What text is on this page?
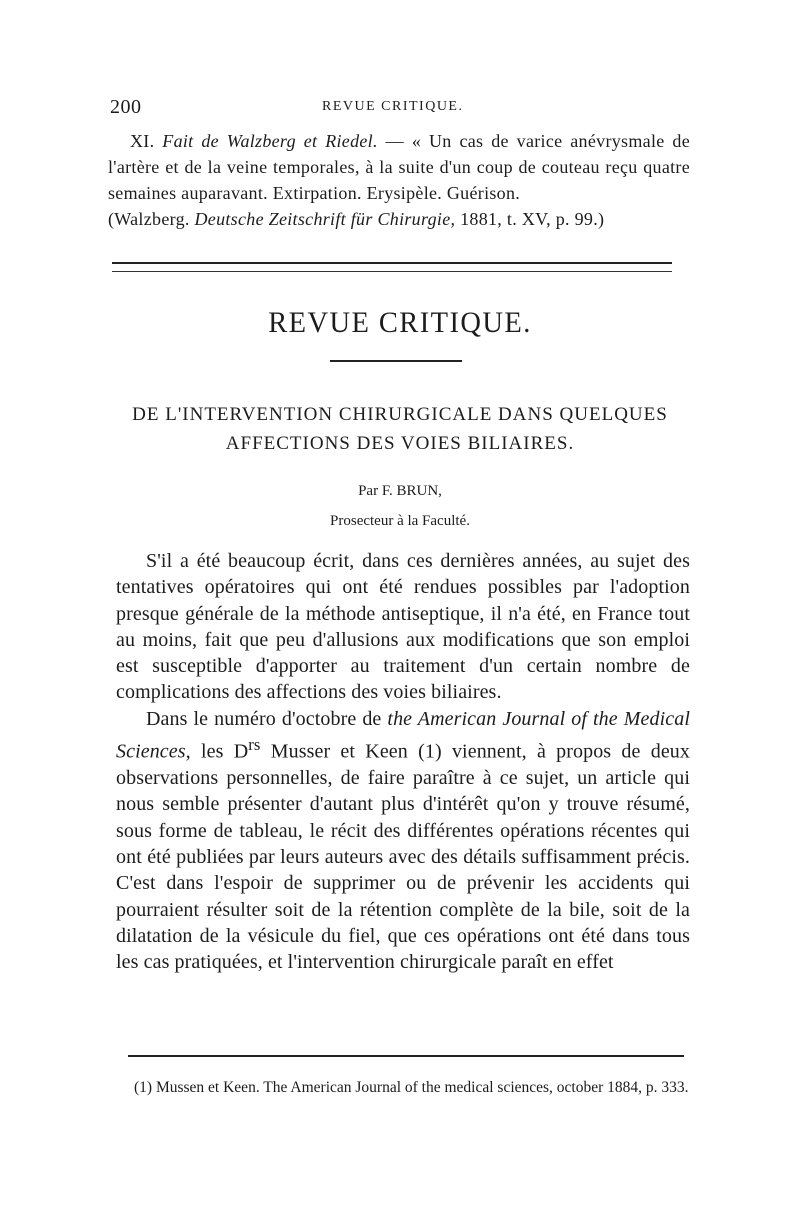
200	REVUE CRITIQUE.

XI. Fait de Walzberg et Riedel. — « Un cas de varice anévrysmale de l'artère et de la veine temporales, à la suite d'un coup de couteau reçu quatre semaines auparavant. Extirpation. Erysipèle. Guérison.

(Walzberg. Deutsche Zeitschrift für Chirurgie, 1881, t. XV, p. 99.)

REVUE CRITIQUE.
DE L'INTERVENTION CHIRURGICALE DANS QUELQUES
AFFECTIONS DES VOIES BILIAIRES.
Par F. BRUN,
Prosecteur à la Faculté.

S'il a été beaucoup écrit, dans ces dernières années, au sujet des tentatives opératoires qui ont été rendues possibles par l'adoption presque générale de la méthode antiseptique, il n'a été, en France tout au moins, fait que peu d'allusions aux modifications que son emploi est susceptible d'apporter au traitement d'un certain nombre de complications des affections des voies biliaires.

Dans le numéro d'octobre de the American Journal of the Medical Sciences, les $D^{rs}$ Musser et Keen (1) viennent, à propos de deux observations personnelles, de faire paraître à ce sujet, un article qui nous semble présenter d'autant plus d'intérêt qu'on y trouve résumé, sous forme de tableau, le récit des différentes opérations récentes qui ont été publiées par leurs auteurs avec des détails suffisamment précis. C'est dans l'espoir de supprimer ou de prévenir les accidents qui pourraient résulter soit de la rétention complète de la bile, soit de la dilatation de la vésicule du fiel, que ces opérations ont été dans tous les cas pratiquées, et l'intervention chirurgicale paraît en effet

(1) Mussen et Keen. The American Journal of the medical sciences, october 1884, p. 333.
